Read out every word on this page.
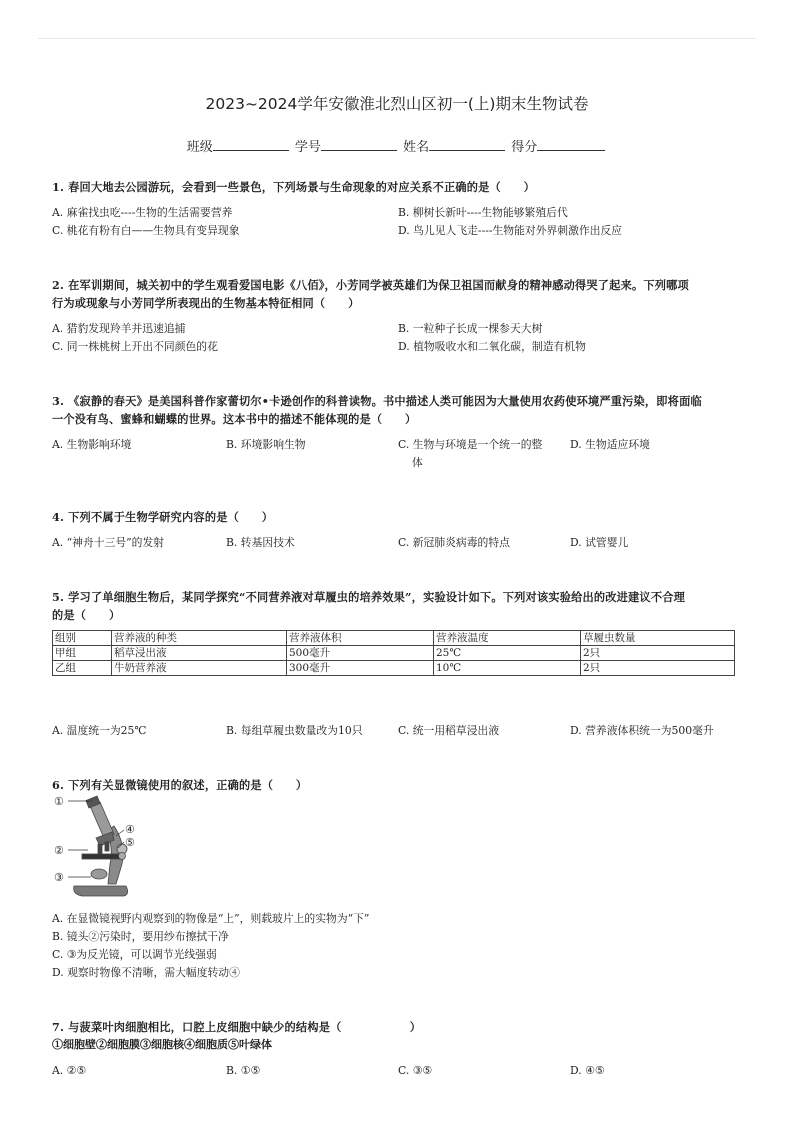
2023~2024学年安徽淮北烈山区初一(上)期末生物试卷
班级	学号	姓名	得分
1. 春回大地去公园游玩，会看到一些景色，下列场景与生命现象的对应关系不正确的是（　　）
A. 麻雀找虫吃----生物的生活需要营养	B. 柳树长新叶----生物能够繁殖后代
C. 桃花有粉有白——生物具有变异现象	D. 鸟儿见人飞走----生物能对外界刺激作出反应
2. 在军训期间，城关初中的学生观看爱国电影《八佰》，小芳同学被英雄们为保卫祖国而献身的精神感动得哭了起来。下列哪项
行为或现象与小芳同学所表现出的生物基本特征相同（　　）
A. 猎豹发现羚羊并迅速追捕	B. 一粒种子长成一棵参天大树
C. 同一株桃树上开出不同颜色的花	D. 植物吸收水和二氧化碳，制造有机物
3. 《寂静的春天》是美国科普作家蕾切尔•卡逊创作的科普读物。书中描述人类可能因为大量使用农药使环境严重污染，即将面临
一个没有鸟、蜜蜂和蝴蝶的世界。这本书中的描述不能体现的是（　　）
A. 生物影响环境	B. 环境影响生物	C. 生物与环境是一个统一的整
体
D. 生物适应环境
4. 下列不属于生物学研究内容的是（　　）
A. “神舟十三号”的发射	B. 转基因技术	C. 新冠肺炎病毒的特点	D. 试管婴儿
5. 学习了单细胞生物后，某同学探究“不同营养液对草履虫的培养效果”，实验设计如下。下列对该实验给出的改进建议不合理
的是（　　）
组别	营养液的种类	营养液体积	营养液温度	草履虫数量
甲组	稻草浸出液	500毫升	25℃	2只
乙组	牛奶营养液	300毫升	10℃	2只
A. 温度统一为25℃	B. 每组草履虫数量改为10只	C. 统一用稻草浸出液	D. 营养液体积统一为500毫升
6. 下列有关显微镜使用的叙述，正确的是（　　）
①
②
③
④
⑤
A. 在显微镜视野内观察到的物像是“上”，则载玻片上的实物为“下”
B. 镜头②污染时，要用纱布擦拭干净
C. ③为反光镜，可以调节光线强弱
D. 观察时物像不清晰，需大幅度转动④
7. 与菠菜叶肉细胞相比，口腔上皮细胞中缺少的结构是（　　　　　　）
①细胞壁②细胞膜③细胞核④细胞质⑤叶绿体
A. ②⑤	B. ①⑤	C. ③⑤	D. ④⑤
